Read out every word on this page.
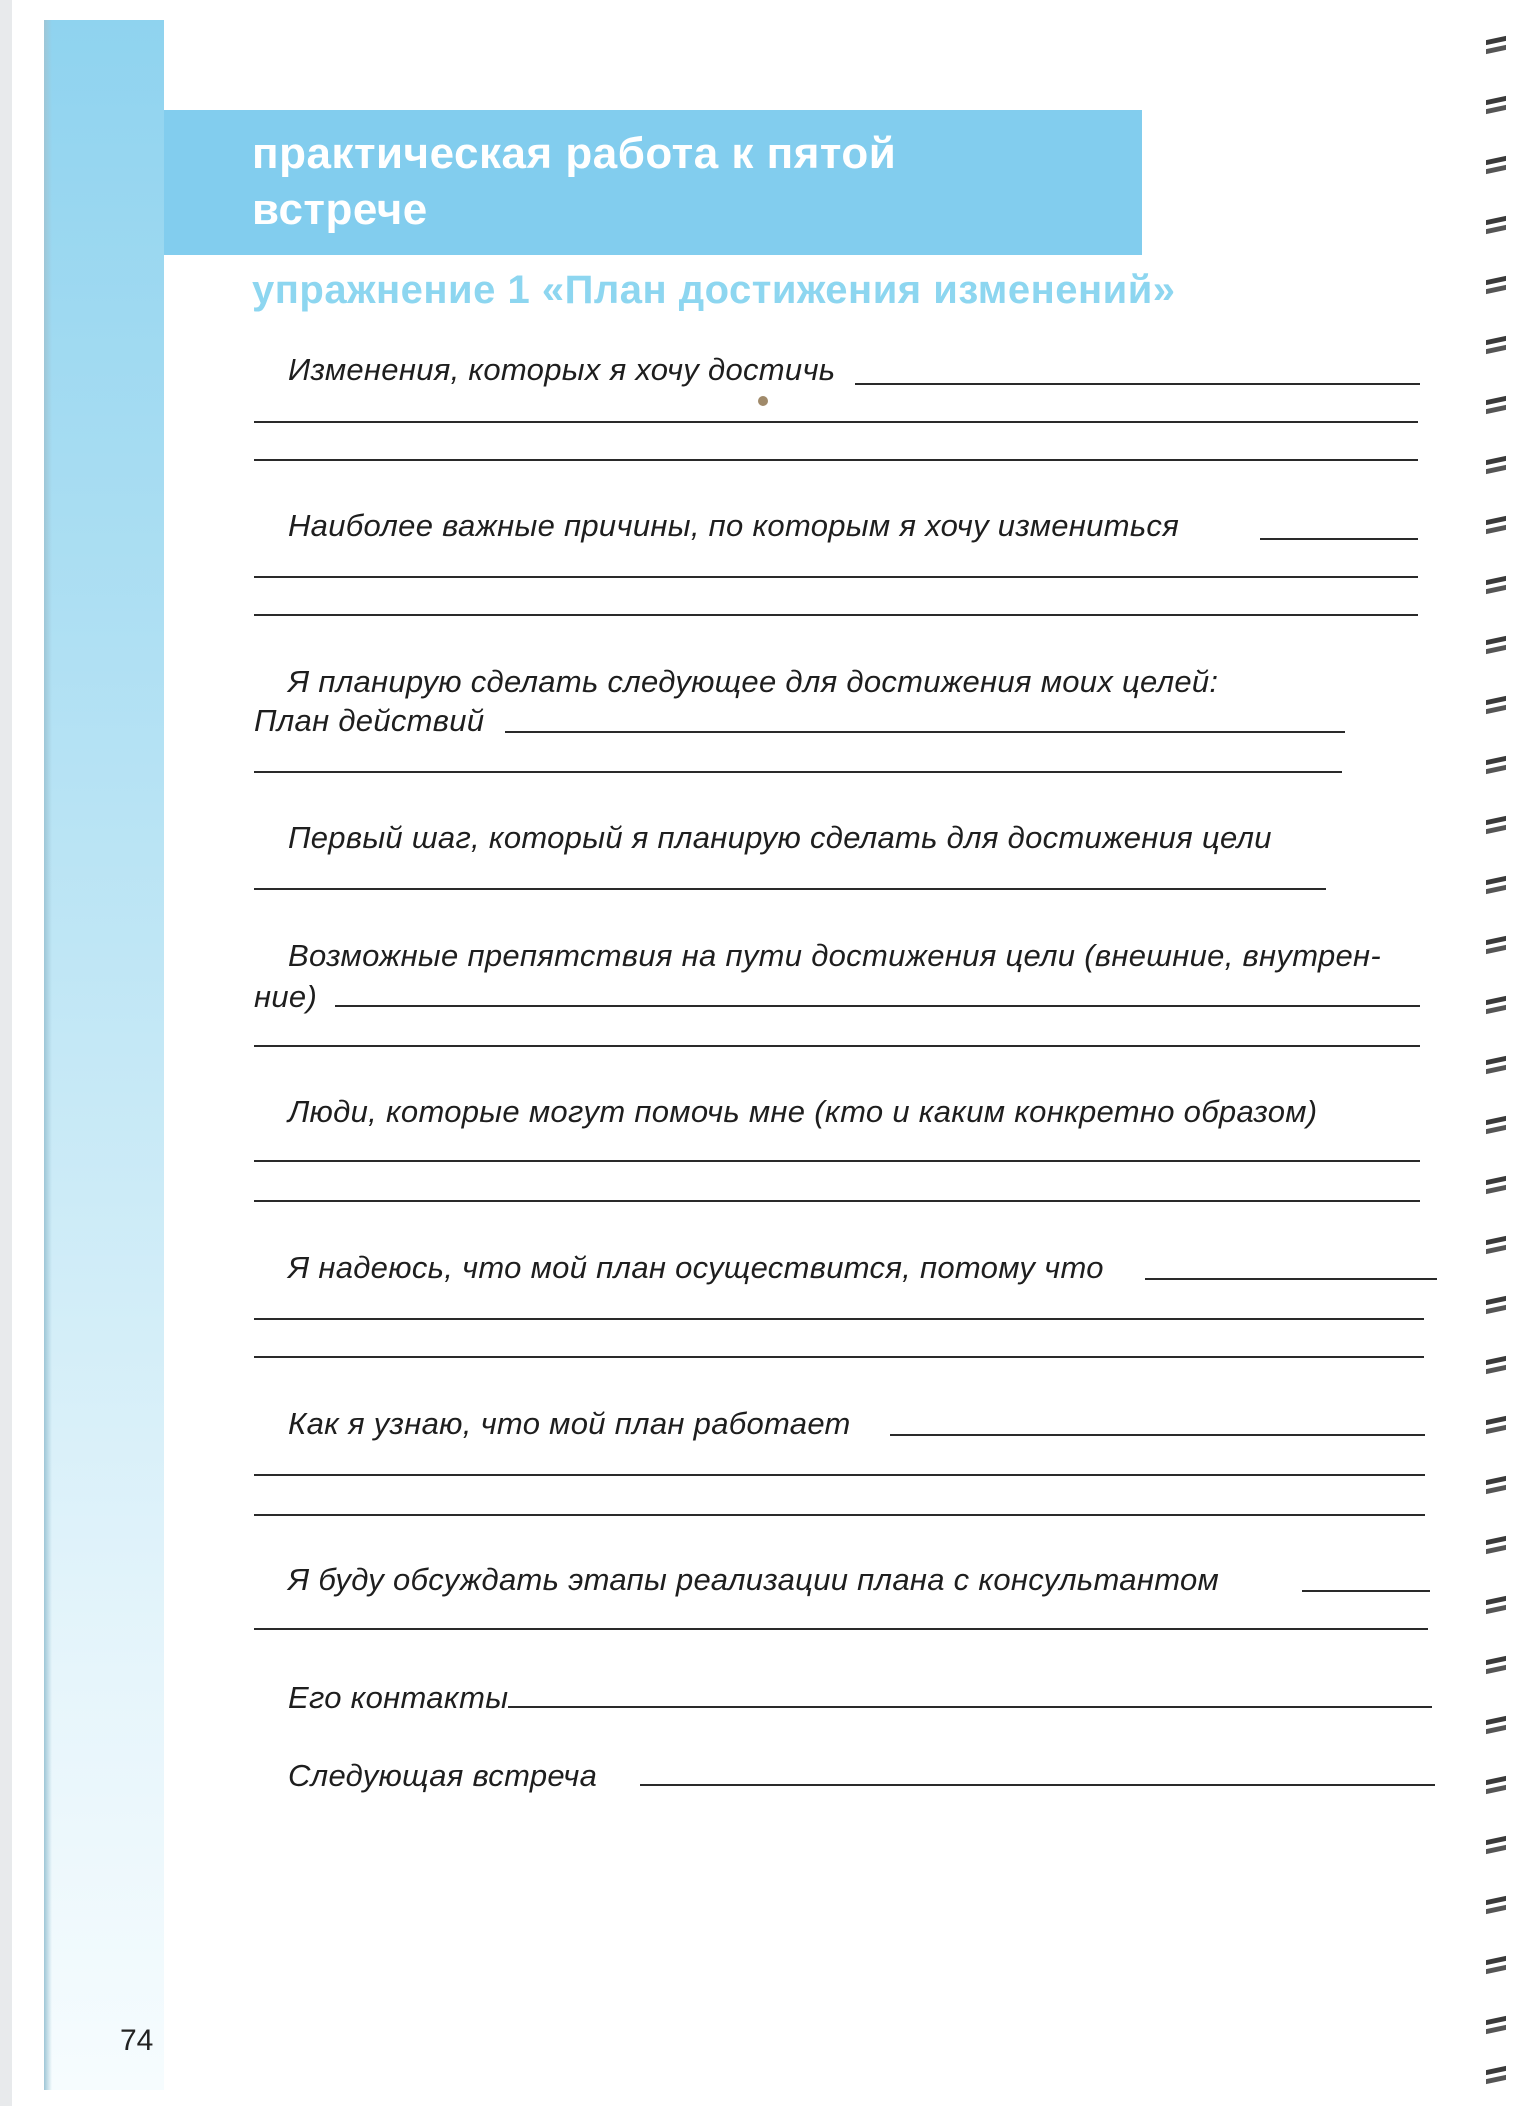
практическая работа к пятой
встрече
упражнение 1 «План достижения изменений»
Изменения, которых я хочу достичь
Наиболее важные причины, по которым я хочу измениться
Я планирую сделать следующее для достижения моих целей:
План действий
Первый шаг, который я планирую сделать для достижения цели
Возможные препятствия на пути достижения цели (внешние, внутрен-
ние)
Люди, которые могут помочь мне (кто и каким конкретно образом)
Я надеюсь, что мой план осуществится, потому что
Как я узнаю, что мой план работает
Я буду обсуждать этапы реализации плана с консультантом
Его контакты
Следующая встреча
74
